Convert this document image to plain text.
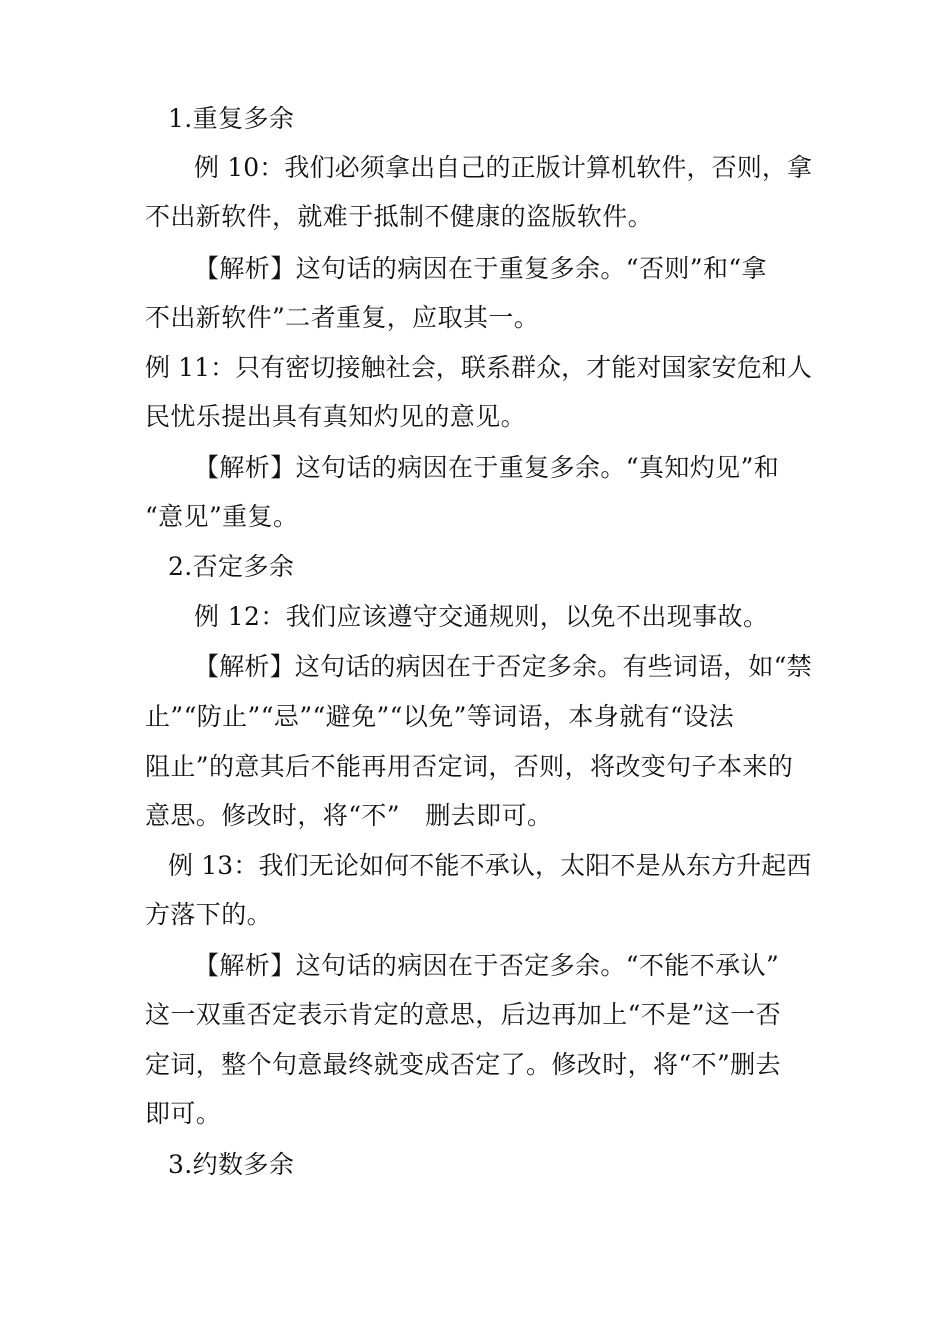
1.重复多余
例 10：我们必须拿出自己的正版计算机软件，否则，拿
不出新软件，就难于抵制不健康的盗版软件。
【解析】这句话的病因在于重复多余。“否则”和“拿
不出新软件”二者重复，应取其一。
例 11：只有密切接触社会，联系群众，才能对国家安危和人
民忧乐提出具有真知灼见的意见。
【解析】这句话的病因在于重复多余。“真知灼见”和
“意见”重复。
2.否定多余
例 12：我们应该遵守交通规则，以免不出现事故。
【解析】这句话的病因在于否定多余。有些词语，如“禁
止”“防止”“忌”“避免”“以免”等词语，本身就有“设法
阻止”的意其后不能再用否定词，否则，将改变句子本来的
意思。修改时，将“不”　删去即可。
例 13：我们无论如何不能不承认，太阳不是从东方升起西
方落下的。
【解析】这句话的病因在于否定多余。“不能不承认”
这一双重否定表示肯定的意思，后边再加上“不是”这一否
定词，整个句意最终就变成否定了。修改时，将“不”删去
即可。
3.约数多余
